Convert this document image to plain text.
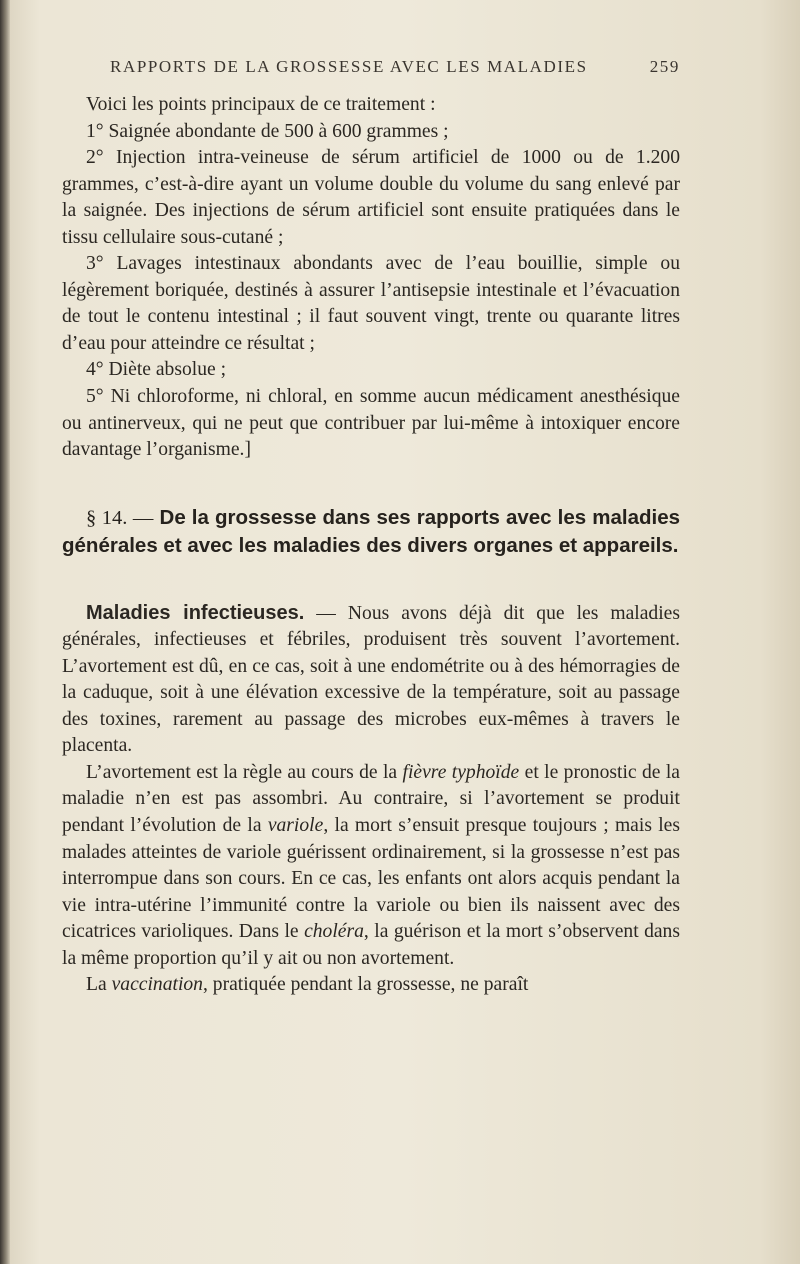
RAPPORTS DE LA GROSSESSE AVEC LES MALADIES	259

Voici les points principaux de ce traitement :

1° Saignée abondante de 500 à 600 grammes ;

2° Injection intra-veineuse de sérum artificiel de 1000 ou de 1.200 grammes, c’est-à-dire ayant un volume double du volume du sang enlevé par la saignée. Des injections de sérum artificiel sont ensuite pratiquées dans le tissu cellulaire sous-cutané ;

3° Lavages intestinaux abondants avec de l’eau bouillie, simple ou légèrement boriquée, destinés à assurer l’antisepsie intestinale et l’évacuation de tout le contenu intestinal ; il faut souvent vingt, trente ou quarante litres d’eau pour atteindre ce résultat ;

4° Diète absolue ;

5° Ni chloroforme, ni chloral, en somme aucun médicament anesthésique ou antinerveux, qui ne peut que contribuer par lui-même à intoxiquer encore davantage l’organisme.]

§ 14. — De la grossesse dans ses rapports avec les maladies générales et avec les maladies des divers organes et appareils.

Maladies infectieuses. — Nous avons déjà dit que les maladies générales, infectieuses et fébriles, produisent très souvent l’avortement. L’avortement est dû, en ce cas, soit à une endométrite ou à des hémorragies de la caduque, soit à une élévation excessive de la température, soit au passage des toxines, rarement au passage des microbes eux-mêmes à travers le placenta.

L’avortement est la règle au cours de la fièvre typhoïde et le pronostic de la maladie n’en est pas assombri. Au contraire, si l’avortement se produit pendant l’évolution de la variole, la mort s’ensuit presque toujours ; mais les malades atteintes de variole guérissent ordinairement, si la grossesse n’est pas interrompue dans son cours. En ce cas, les enfants ont alors acquis pendant la vie intra-utérine l’immunité contre la variole ou bien ils naissent avec des cicatrices varioliques. Dans le choléra, la guérison et la mort s’observent dans la même proportion qu’il y ait ou non avortement.

La vaccination, pratiquée pendant la grossesse, ne paraît
